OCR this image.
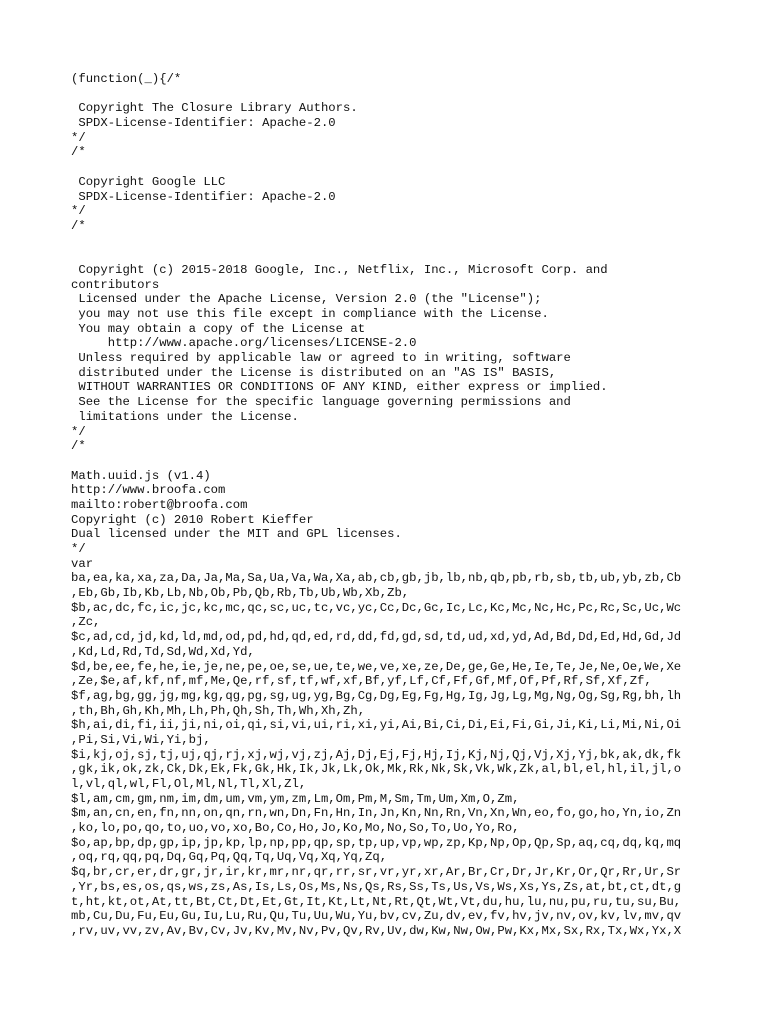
(function(_){/*
Copyright The Closure Library Authors.
SPDX-License-Identifier: Apache-2.0
*/
/*
Copyright Google LLC
SPDX-License-Identifier: Apache-2.0
*/
/*
Copyright (c) 2015-2018 Google, Inc., Netflix, Inc., Microsoft Corp. and
contributors
Licensed under the Apache License, Version 2.0 (the "License");
you may not use this file except in compliance with the License.
You may obtain a copy of the License at
http://www.apache.org/licenses/LICENSE-2.0
Unless required by applicable law or agreed to in writing, software
distributed under the License is distributed on an "AS IS" BASIS,
WITHOUT WARRANTIES OR CONDITIONS OF ANY KIND, either express or implied.
See the License for the specific language governing permissions and
limitations under the License.
*/
/*
Math.uuid.js (v1.4)
http://www.broofa.com
mailto:robert@broofa.com
Copyright (c) 2010 Robert Kieffer
Dual licensed under the MIT and GPL licenses.
*/
var
ba,ea,ka,xa,za,Da,Ja,Ma,Sa,Ua,Va,Wa,Xa,ab,cb,gb,jb,lb,nb,qb,pb,rb,sb,tb,ub,yb,zb,Cb
,Eb,Gb,Ib,Kb,Lb,Nb,Ob,Pb,Qb,Rb,Tb,Ub,Wb,Xb,Zb,
$b,ac,dc,fc,ic,jc,kc,mc,qc,sc,uc,tc,vc,yc,Cc,Dc,Gc,Ic,Lc,Kc,Mc,Nc,Hc,Pc,Rc,Sc,Uc,Wc
,Zc,
$c,ad,cd,jd,kd,ld,md,od,pd,hd,qd,ed,rd,dd,fd,gd,sd,td,ud,xd,yd,Ad,Bd,Dd,Ed,Hd,Gd,Jd
,Kd,Ld,Rd,Td,Sd,Wd,Xd,Yd,
$d,be,ee,fe,he,ie,je,ne,pe,oe,se,ue,te,we,ve,xe,ze,De,ge,Ge,He,Ie,Te,Je,Ne,Oe,We,Xe
,Ze,$e,af,kf,nf,mf,Me,Qe,rf,sf,tf,wf,xf,Bf,yf,Lf,Cf,Ff,Gf,Mf,Of,Pf,Rf,Sf,Xf,Zf,
$f,ag,bg,gg,jg,mg,kg,qg,pg,sg,ug,yg,Bg,Cg,Dg,Eg,Fg,Hg,Ig,Jg,Lg,Mg,Ng,Og,Sg,Rg,bh,lh
,th,Bh,Gh,Kh,Mh,Lh,Ph,Qh,Sh,Th,Wh,Xh,Zh,
$h,ai,di,fi,ii,ji,ni,oi,qi,si,vi,ui,ri,xi,yi,Ai,Bi,Ci,Di,Ei,Fi,Gi,Ji,Ki,Li,Mi,Ni,Oi
,Pi,Si,Vi,Wi,Yi,bj,
$i,kj,oj,sj,tj,uj,qj,rj,xj,wj,vj,zj,Aj,Dj,Ej,Fj,Hj,Ij,Kj,Nj,Qj,Vj,Xj,Yj,bk,ak,dk,fk
,gk,ik,ok,zk,Ck,Dk,Ek,Fk,Gk,Hk,Ik,Jk,Lk,Ok,Mk,Rk,Nk,Sk,Vk,Wk,Zk,al,bl,el,hl,il,jl,o
l,vl,ql,wl,Fl,Ol,Ml,Nl,Tl,Xl,Zl,
$l,am,cm,gm,nm,im,dm,um,vm,ym,zm,Lm,Om,Pm,M,Sm,Tm,Um,Xm,O,Zm,
$m,an,cn,en,fn,nn,on,qn,rn,wn,Dn,Fn,Hn,In,Jn,Kn,Nn,Rn,Vn,Xn,Wn,eo,fo,go,ho,Yn,io,Zn
,ko,lo,po,qo,to,uo,vo,xo,Bo,Co,Ho,Jo,Ko,Mo,No,So,To,Uo,Yo,Ro,
$o,ap,bp,dp,gp,ip,jp,kp,lp,np,pp,qp,sp,tp,up,vp,wp,zp,Kp,Np,Op,Qp,Sp,aq,cq,dq,kq,mq
,oq,rq,qq,pq,Dq,Gq,Pq,Qq,Tq,Uq,Vq,Xq,Yq,Zq,
$q,br,cr,er,dr,gr,jr,ir,kr,mr,nr,qr,rr,sr,vr,yr,xr,Ar,Br,Cr,Dr,Jr,Kr,Or,Qr,Rr,Ur,Sr
,Yr,bs,es,os,qs,ws,zs,As,Is,Ls,Os,Ms,Ns,Qs,Rs,Ss,Ts,Us,Vs,Ws,Xs,Ys,Zs,at,bt,ct,dt,g
t,ht,kt,ot,At,tt,Bt,Ct,Dt,Et,Gt,It,Kt,Lt,Nt,Rt,Qt,Wt,Vt,du,hu,lu,nu,pu,ru,tu,su,Bu,
mb,Cu,Du,Fu,Eu,Gu,Iu,Lu,Ru,Qu,Tu,Uu,Wu,Yu,bv,cv,Zu,dv,ev,fv,hv,jv,nv,ov,kv,lv,mv,qv
,rv,uv,vv,zv,Av,Bv,Cv,Jv,Kv,Mv,Nv,Pv,Qv,Rv,Uv,dw,Kw,Nw,Ow,Pw,Kx,Mx,Sx,Rx,Tx,Wx,Yx,X
